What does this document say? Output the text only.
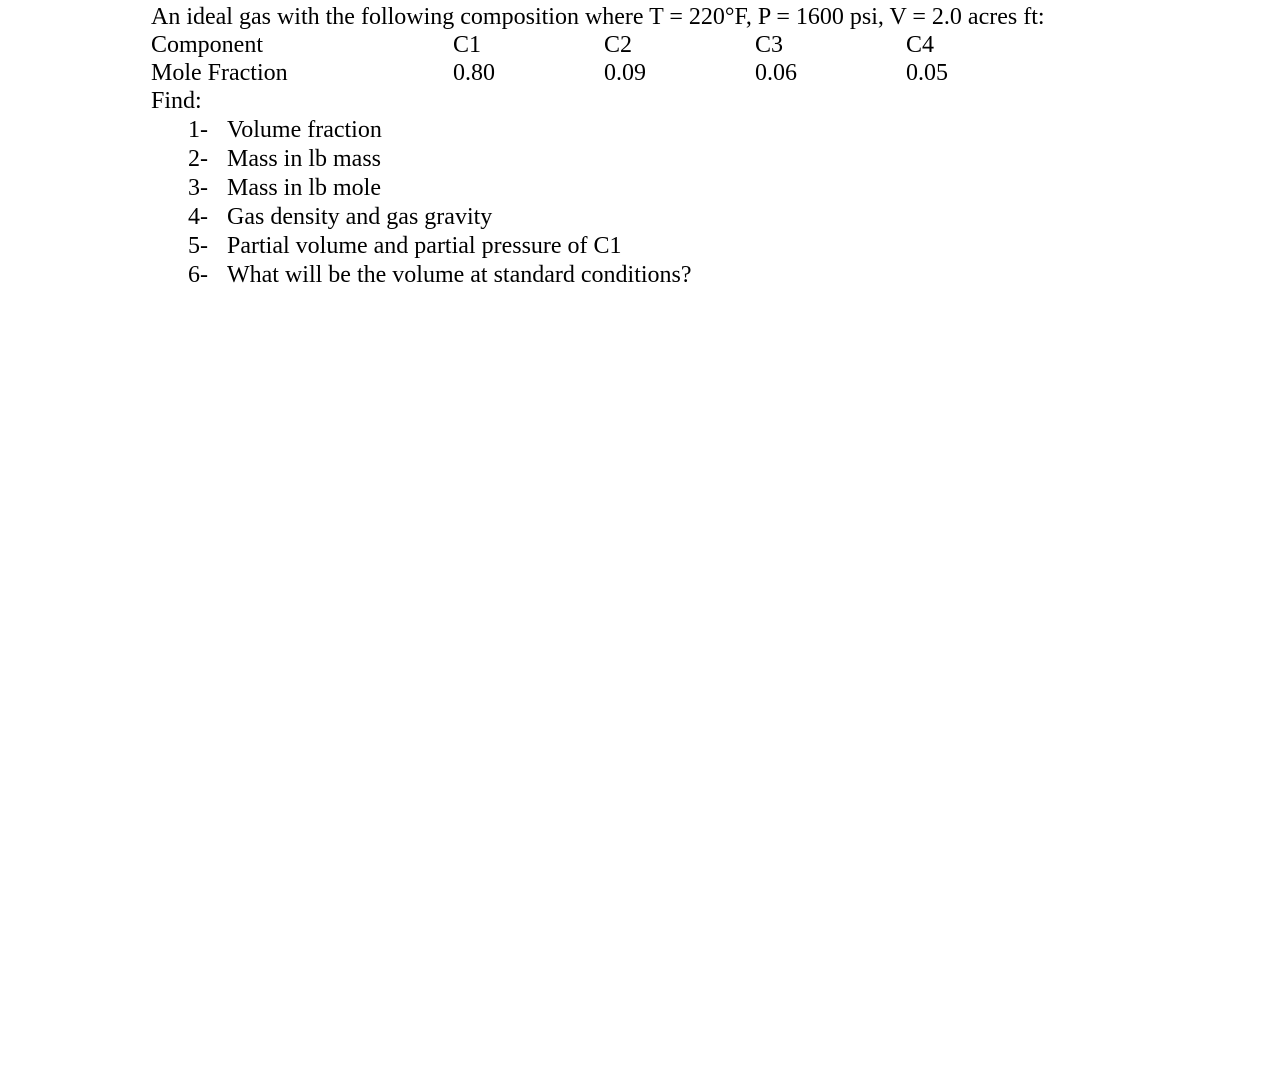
An ideal gas with the following composition where T = 220°F, P = 1600 psi, V = 2.0 acres ft:
Component	C1	C2	C3	C4
Mole Fraction	0.80	0.09	0.06	0.05
Find:
1- Volume fraction
2- Mass in lb mass
3- Mass in lb mole
4- Gas density and gas gravity
5- Partial volume and partial pressure of C1
6- What will be the volume at standard conditions?
